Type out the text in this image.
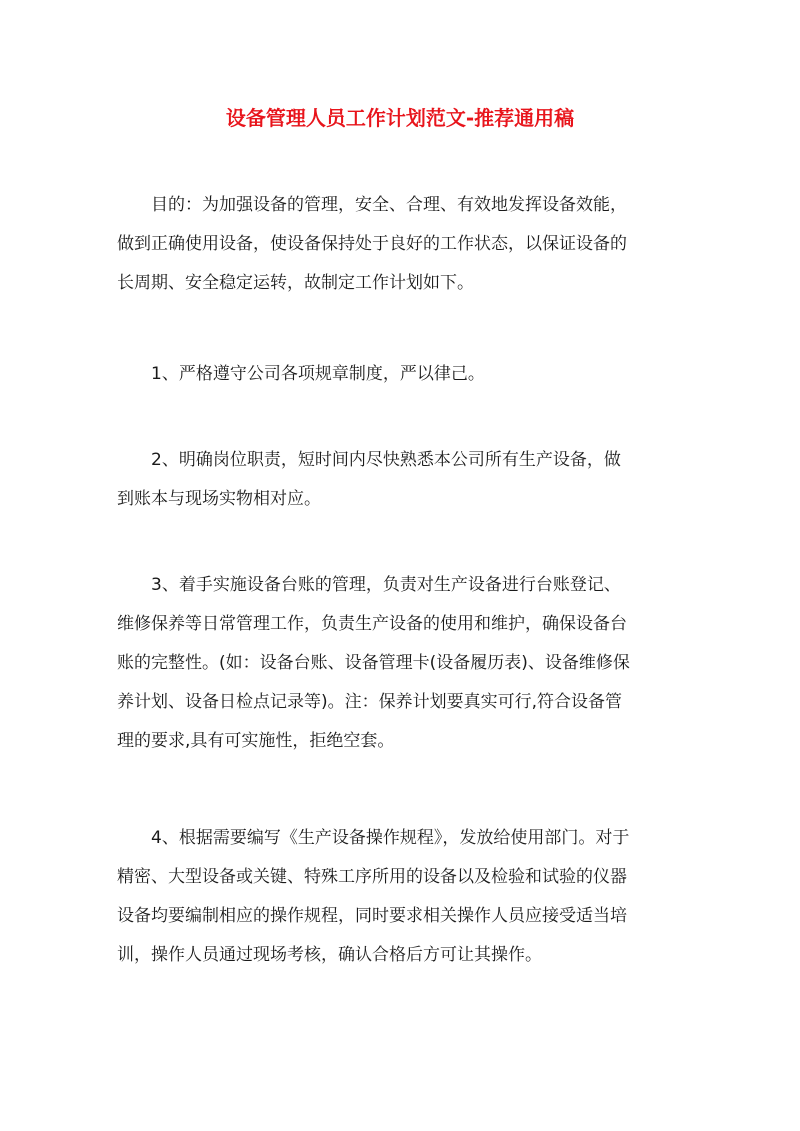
设备管理人员工作计划范文-推荐通用稿
目的：为加强设备的管理，安全、合理、有效地发挥设备效能，
做到正确使用设备，使设备保持处于良好的工作状态，以保证设备的
长周期、安全稳定运转，故制定工作计划如下。
1、严格遵守公司各项规章制度，严以律己。
2、明确岗位职责，短时间内尽快熟悉本公司所有生产设备，做
到账本与现场实物相对应。
3、着手实施设备台账的管理，负责对生产设备进行台账登记、
维修保养等日常管理工作，负责生产设备的使用和维护，确保设备台
账的完整性。(如：设备台账、设备管理卡(设备履历表)、设备维修保
养计划、设备日检点记录等)。注：保养计划要真实可行,符合设备管
理的要求,具有可实施性，拒绝空套。
4、根据需要编写《生产设备操作规程》，发放给使用部门。对于
精密、大型设备或关键、特殊工序所用的设备以及检验和试验的仪器
设备均要编制相应的操作规程，同时要求相关操作人员应接受适当培
训，操作人员通过现场考核，确认合格后方可让其操作。
